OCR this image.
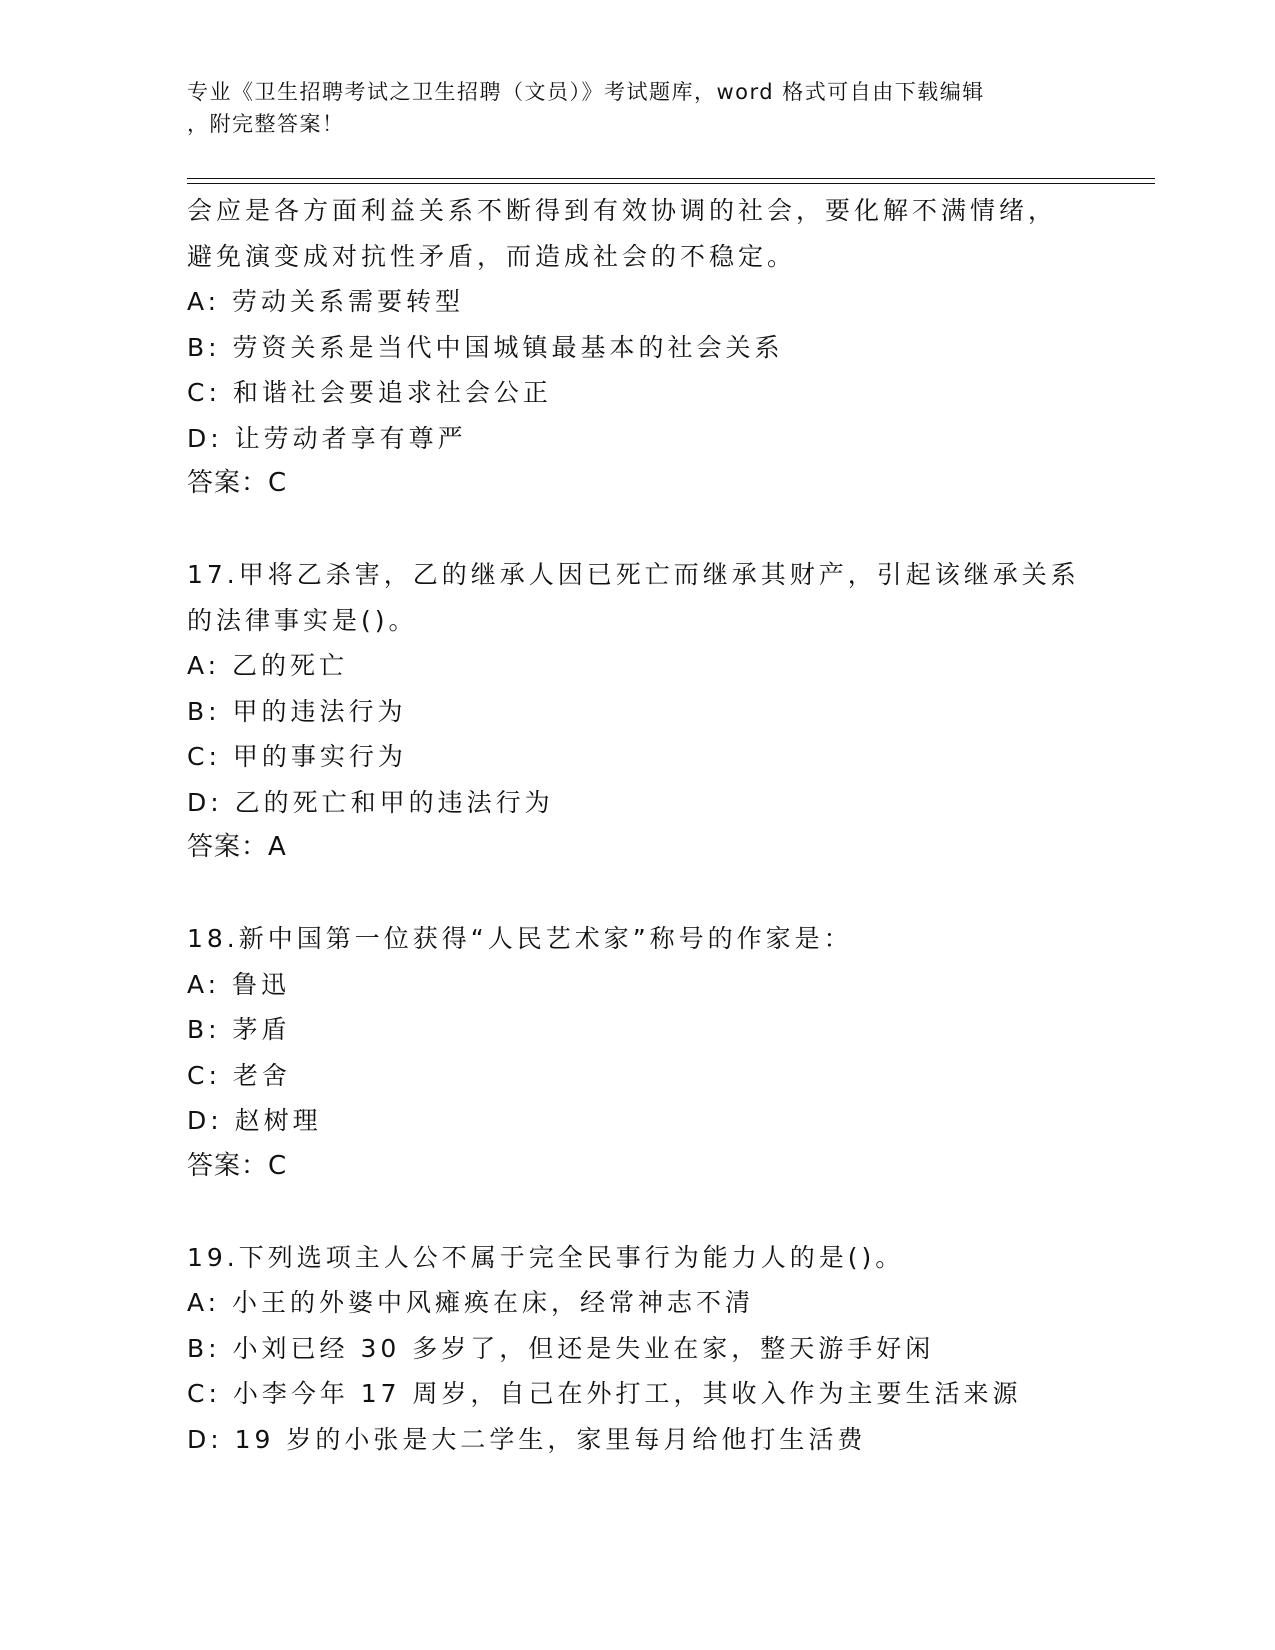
专业《卫生招聘考试之卫生招聘（文员）》考试题库，word 格式可自由下载编辑
，附完整答案！
会应是各方面利益关系不断得到有效协调的社会，要化解不满情绪，
避免演变成对抗性矛盾，而造成社会的不稳定。
A: 劳动关系需要转型
B: 劳资关系是当代中国城镇最基本的社会关系
C: 和谐社会要追求社会公正
D: 让劳动者享有尊严
答案：C
17.甲将乙杀害，乙的继承人因已死亡而继承其财产，引起该继承关系
的法律事实是()。
A: 乙的死亡
B: 甲的违法行为
C: 甲的事实行为
D: 乙的死亡和甲的违法行为
答案：A
18.新中国第一位获得“人民艺术家”称号的作家是：
A: 鲁迅
B: 茅盾
C: 老舍
D: 赵树理
答案：C
19.下列选项主人公不属于完全民事行为能力人的是()。
A: 小王的外婆中风瘫痪在床，经常神志不清
B: 小刘已经 30 多岁了，但还是失业在家，整天游手好闲
C: 小李今年 17 周岁，自己在外打工，其收入作为主要生活来源
D: 19 岁的小张是大二学生，家里每月给他打生活费
